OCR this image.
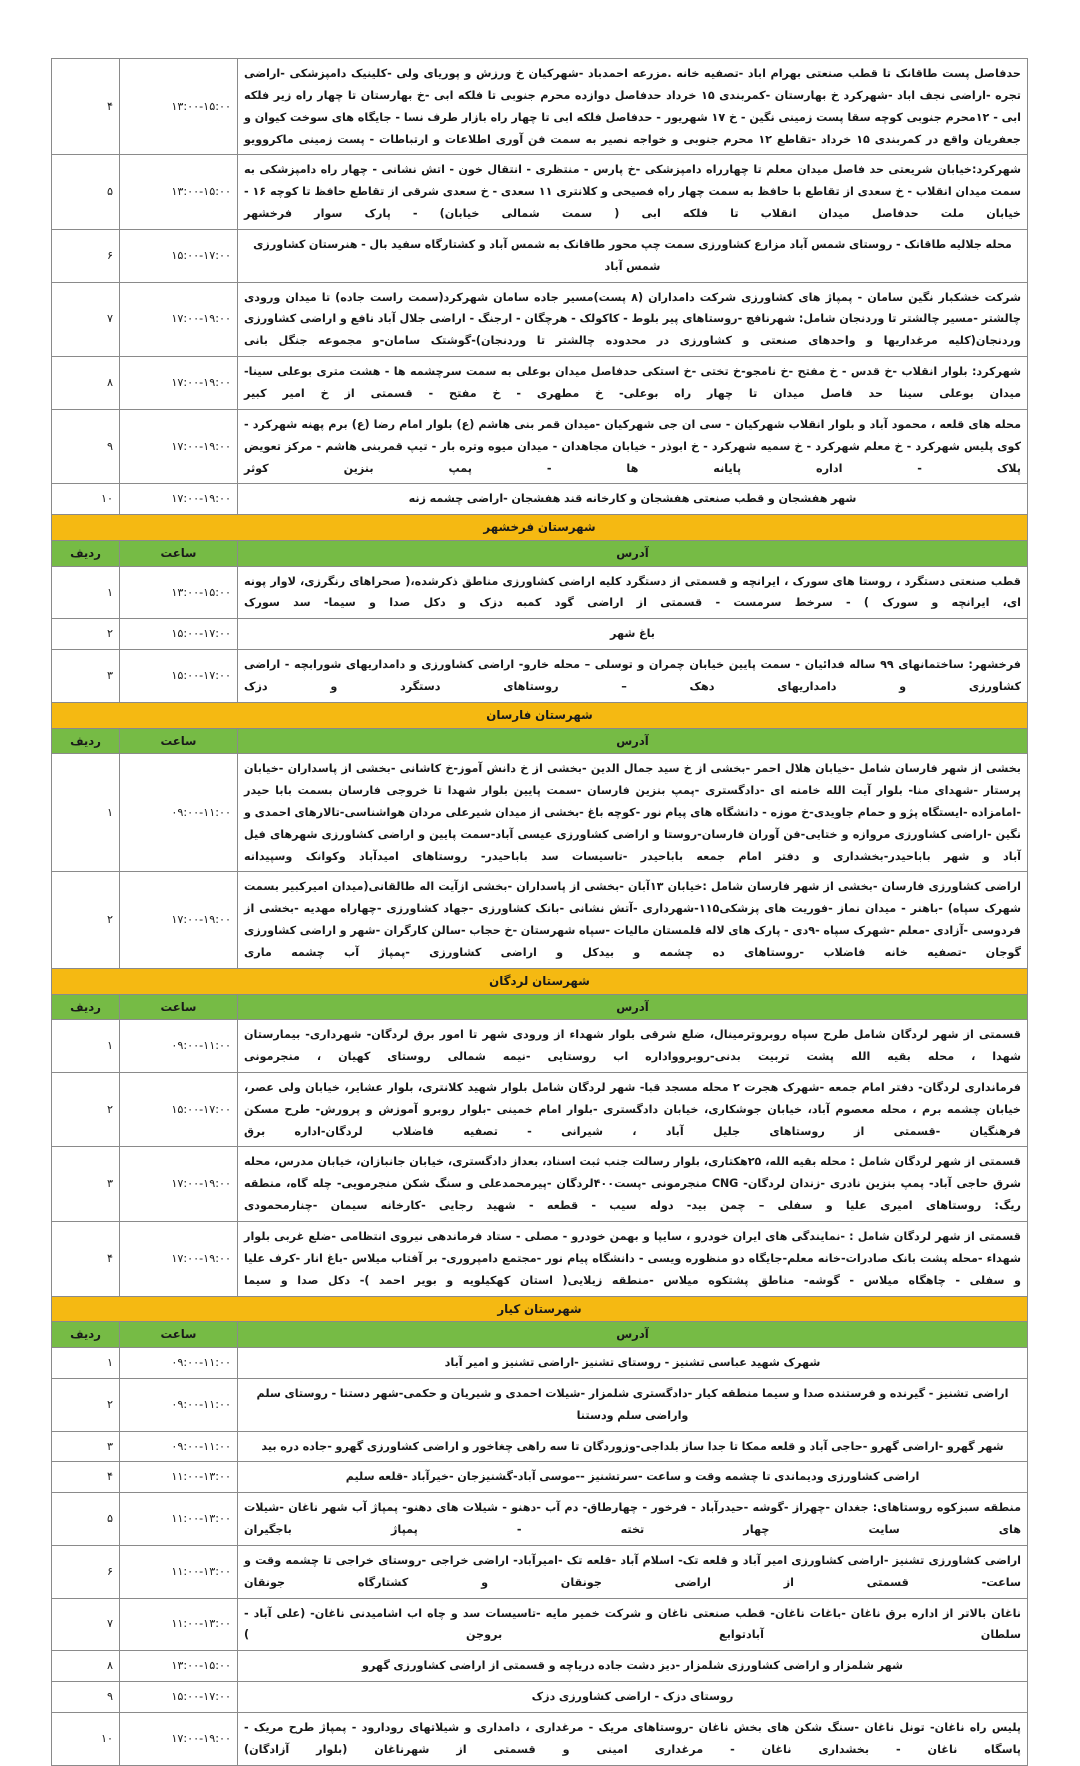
حدفاصل پست طاقانک تا قطب صنعتی بهرام اباد -تصفیه خانه .مزرعه احمدباد -شهرکیان خ ورزش و پوریای ولی -کلینیک دامپزشکی -اراضی تجره -اراضی نجف اباد -شهرکرد خ بهارستان -کمربندی ۱۵ خرداد حدفاصل دوازده محرم جنوبی تا فلکه ابی -خ بهارستان تا چهار راه زیر فلکه ابی - ۱۲محرم جنوبی کوچه سقا پست زمینی نگین - خ ۱۷ شهریور - حدفاصل فلکه ابی تا چهار راه بازار طرف نسا - جایگاه های سوخت کیوان و جعفریان واقع در کمربندی ۱۵ خرداد -تقاطع ۱۲ محرم جنوبی و خواجه نصیر به سمت فن آوری اطلاعات و ارتباطات - پست زمینی ماکروویو	۱۳:۰۰-۱۵:۰۰	۴
شهرکرد:خیابان شریعتی حد فاصل میدان معلم تا چهارراه دامپزشکی -خ پارس - منتظری - انتقال خون - اتش نشانی - چهار راه دامپزشکی به سمت میدان انقلاب - خ سعدی از تقاطع با حافظ به سمت چهار راه فصیحی و کلانتری ۱۱ سعدی - خ سعدی شرقی از تقاطع حافظ تا کوچه ۱۶ - خیابان ملت حدفاصل میدان انقلاب تا فلکه ابی ( سمت شمالی خیابان) - پارک سوار فرخشهر	۱۳:۰۰-۱۵:۰۰	۵
محله جلالیه طاقانک - روستای شمس آباد مزارع کشاورزی سمت چپ محور طاقانک به شمس آباد و کشتارگاه سفید بال - هنرستان کشاورزی شمس آباد	۱۵:۰۰-۱۷:۰۰	۶
شرکت خشکبار نگین سامان - پمپاژ های کشاورزی شرکت دامداران (۸ پست)مسیر جاده سامان شهرکرد(سمت راست جاده) تا میدان ورودی چالشتر -مسیر چالشتر تا وردنجان شامل: شهرنافچ -روستاهای پیر بلوط - کاکولک - هرچگان - ارجنگ - اراضی جلال آباد نافع و اراضی کشاورزی وردنجان(کلیه مرغداریها و واحدهای صنعتی و کشاورزی در محدوده چالشتر تا وردنجان)-گوشتک سامان-و مجموعه جنگل بانی	۱۷:۰۰-۱۹:۰۰	۷
شهرکرد: بلوار انقلاب -خ قدس - خ مفتح -خ نامجو-خ تختی -خ استکی حدفاصل میدان بوعلی به سمت سرچشمه ها - هشت متری بوعلی سینا- میدان بوعلی سینا حد فاصل میدان تا چهار راه بوعلی- خ مطهری - خ مفتح - قسمتی از خ امیر کبیر	۱۷:۰۰-۱۹:۰۰	۸
محله های قلعه ، محمود آباد و بلوار انقلاب شهرکیان - سی ان جی شهرکیان -میدان قمر بنی هاشم (ع) بلوار امام رضا (ع) برم پهنه شهرکرد - کوی پلیس شهرکرد - خ معلم شهرکرد - خ سمیه شهرکرد - خ ابوذر - خیابان مجاهدان - میدان میوه وتره بار - تیپ قمربنی هاشم - مرکز تعویض پلاک - اداره پایانه ها - پمپ بنزین کوثر	۱۷:۰۰-۱۹:۰۰	۹
شهر هفشجان و قطب صنعتی هفشجان و کارخانه قند هفشجان -اراضی چشمه زنه	۱۷:۰۰-۱۹:۰۰	۱۰
شهرستان فرخشهر		
آدرس	ساعت	ردیف
قطب صنعتی دستگرد ، روستا های سورک ، ایرانچه و قسمتی از دستگرد کلیه اراضی کشاورزی مناطق ذکرشده،( صحراهای رنگرزی، لاوار پونه ای، ایرانچه و سورک ) - سرخط سرمست - قسمتی از اراضی گود کمبه دزک و دکل صدا و سیما- سد سورک	۱۳:۰۰-۱۵:۰۰	۱
باغ شهر	۱۵:۰۰-۱۷:۰۰	۲
فرخشهر: ساختمانهای ۹۹ ساله فدائیان - سمت پایین خیابان چمران و توسلی – محله خارو- اراضی کشاورزی و دامداریهای شورابچه - اراضی کشاورزی و دامداریهای دهک – روستاهای دستگرد و دزک	۱۵:۰۰-۱۷:۰۰	۳
شهرستان فارسان		
آدرس	ساعت	ردیف
بخشی از شهر فارسان شامل -خیابان هلال احمر -بخشی از خ سید جمال الدین -بخشی از خ دانش آموز-خ کاشانی -بخشی از پاسداران -خیابان پرستار -شهدای منا- بلوار آیت الله خامنه ای -دادگستری -پمپ بنزین فارسان -سمت پایین بلوار شهدا تا خروجی فارسان بسمت بابا حیدر -امامزاده -ایستگاه پژو و حمام جاویدی-خ موزه - دانشگاه های پیام نور -کوچه باغ -بخشی از میدان شیرعلی مردان هواشناسی-تالارهای احمدی و نگین -اراضی کشاورزی مروازه و ختایی-فن آوران فارسان-روستا و اراضی کشاورزی عیسی آباد-سمت پایین و اراضی کشاورزی شهرهای فیل آباد و شهر باباحیدر-بخشداری و دفتر امام جمعه باباحیدر -تاسیسات سد باباحیدر- روستاهای امیدآباد وکوانک وسپیدانه	۰۹:۰۰-۱۱:۰۰	۱
اراضی کشاورزی فارسان -بخشی از شهر فارسان شامل :خیابان ۱۳آبان -بخشی از پاسداران -بخشی ازآیت اله طالقانی(میدان امیرکبیر بسمت شهرک سپاه) -باهنر - میدان نماز -فوریت های پزشکی۱۱۵-شهرداری -آتش نشانی -بانک کشاورزی -جهاد کشاورزی -چهاراه مهدیه -بخشی از فردوسی -آزادی -معلم -شهرک سپاه -۹دی - پارک های لاله قلمستان مالیات -سپاه شهرستان -خ حجاب -سالن کارگران -شهر و اراضی کشاورزی گوجان -تصفیه خانه فاضلاب -روستاهای ده چشمه و بیدکل و اراضی کشاورزی -پمپاژ آب چشمه ماری	۱۷:۰۰-۱۹:۰۰	۲
شهرستان لردگان		
آدرس	ساعت	ردیف
قسمتی از شهر لردگان شامل طرح سپاه روبروترمینال، ضلع شرقی بلوار شهداء از ورودی شهر تا امور برق لردگان- شهرداری- بیمارستان شهدا ، محله بقیه الله پشت تربیت بدنی-روبروواداره اب روستایی -نیمه شمالی روستای کهیان ، منجرمونی	۰۹:۰۰-۱۱:۰۰	۱
فرمانداری لردگان- دفتر امام جمعه -شهرک هجرت ۲ محله مسجد قبا- شهر لردگان شامل بلوار شهید کلانتری، بلوار عشایر، خیابان ولی عصر، خیابان چشمه برم ، محله معصوم آباد، خیابان جوشکاری، خیابان دادگستری -بلوار امام خمینی -بلوار روبرو آموزش و پرورش- طرح مسکن فرهنگیان -قسمتی از روستاهای جلیل آباد ، شیرانی - تصفیه فاضلاب لردگان-اداره برق	۱۵:۰۰-۱۷:۰۰	۲
قسمتی از شهر لردگان شامل : محله بقیه الله، ۲۵هکتاری، بلوار رسالت جنب ثبت اسناد، بعداز دادگستری، خیابان جانبازان، خیابان مدرس، محله شرق حاجی آباد- پمپ بنزین نادری -زندان لردگان- CNG منجرمونی -پست۴۰۰لردگان -پیرمحمدعلی و سنگ شکن منجرمویی- چله گاه، منطقه ریگ: روستاهای امیری علیا و سفلی – چمن بید- دوله سیب - قطعه - شهید رجایی -کارخانه سیمان -چنارمحمودی	۱۷:۰۰-۱۹:۰۰	۳
قسمتی از شهر لردگان شامل : -نمایندگی های ایران خودرو ، سایپا و بهمن خودرو - مصلی - ستاد فرماندهی نیروی انتظامی -ضلع غربی بلوار شهداء -محله پشت بانک صادرات-خانه معلم-جایگاه دو منظوره ویسی - دانشگاه پیام نور -مجتمع دامپروری- بر آفتاب میلاس -باغ انار -کرف علیا و سفلی - چاهگاه میلاس - گوشه- مناطق پشتکوه میلاس -منطقه زیلایی( استان کهکیلویه و بویر احمد )- دکل صدا و سیما	۱۷:۰۰-۱۹:۰۰	۴
شهرستان کیار		
آدرس	ساعت	ردیف
شهرک شهید عباسی تشنیز - روستای تشنیز -اراضی تشنیز و امیر آباد	۰۹:۰۰-۱۱:۰۰	۱
اراضی تشنیز - گیرنده و فرستنده صدا و سیما منطقه کیار -دادگستری شلمزار -شیلات احمدی و شیریان و حکمی-شهر دستنا - روستای سلم واراضی سلم ودستنا	۰۹:۰۰-۱۱:۰۰	۲
شهر گهرو -اراضی گهرو -حاجی آباد و قلعه ممکا تا جدا ساز بلداجی-وزوردگان تا سه راهی چغاخور و اراضی کشاورزی گهرو -جاده دره بید	۰۹:۰۰-۱۱:۰۰	۳
اراضی کشاورزی ودیماندی تا چشمه وقت و ساعت -سرتشنیز --موسی آباد-گشنیزجان -خیرآباد -قلعه سلیم	۱۱:۰۰-۱۳:۰۰	۴
منطقه سبزکوه روستاهای: جغدان -چهراز -گوشه -حیدرآباد - فرخور - چهارطاق- دم آب -دهنو - شیلات های دهنو- پمپاژ آب شهر ناغان -شیلات های سایت چهار تخته - پمپاژ باجگیران	۱۱:۰۰-۱۳:۰۰	۵
اراضی کشاورزی تشنیز -اراضی کشاورزی امیر آباد و قلعه تک- اسلام آباد -قلعه تک -امیرآباد- اراضی خراجی -روستای خراجی تا چشمه وقت و ساعت- قسمتی از اراضی جونقان و کشتارگاه جونقان	۱۱:۰۰-۱۳:۰۰	۶
ناغان بالاتر از اداره برق ناغان -باغات ناغان- قطب صنعتی ناغان و شرکت خمیر مایه -تاسیسات سد و چاه اب اشامیدنی ناغان- (علی آباد - سلطان آبادتوابع بروجن )	۱۱:۰۰-۱۳:۰۰	۷
شهر شلمزار و اراضی کشاورزی شلمزار -دیز دشت جاده دریاچه و قسمتی از اراضی کشاورزی گهرو	۱۳:۰۰-۱۵:۰۰	۸
روستای دزک - اراضی کشاورزی دزک	۱۵:۰۰-۱۷:۰۰	۹
پلیس راه ناغان- تونل ناغان -سنگ شکن های بخش ناغان -روستاهای مریک - مرغداری ، دامداری و شیلاتهای رودارود - پمپاژ طرح مریک - پاسگاه ناغان - بخشداری ناغان - مرغداری امینی و قسمتی از شهرناغان (بلوار آزادگان)	۱۷:۰۰-۱۹:۰۰	۱۰
